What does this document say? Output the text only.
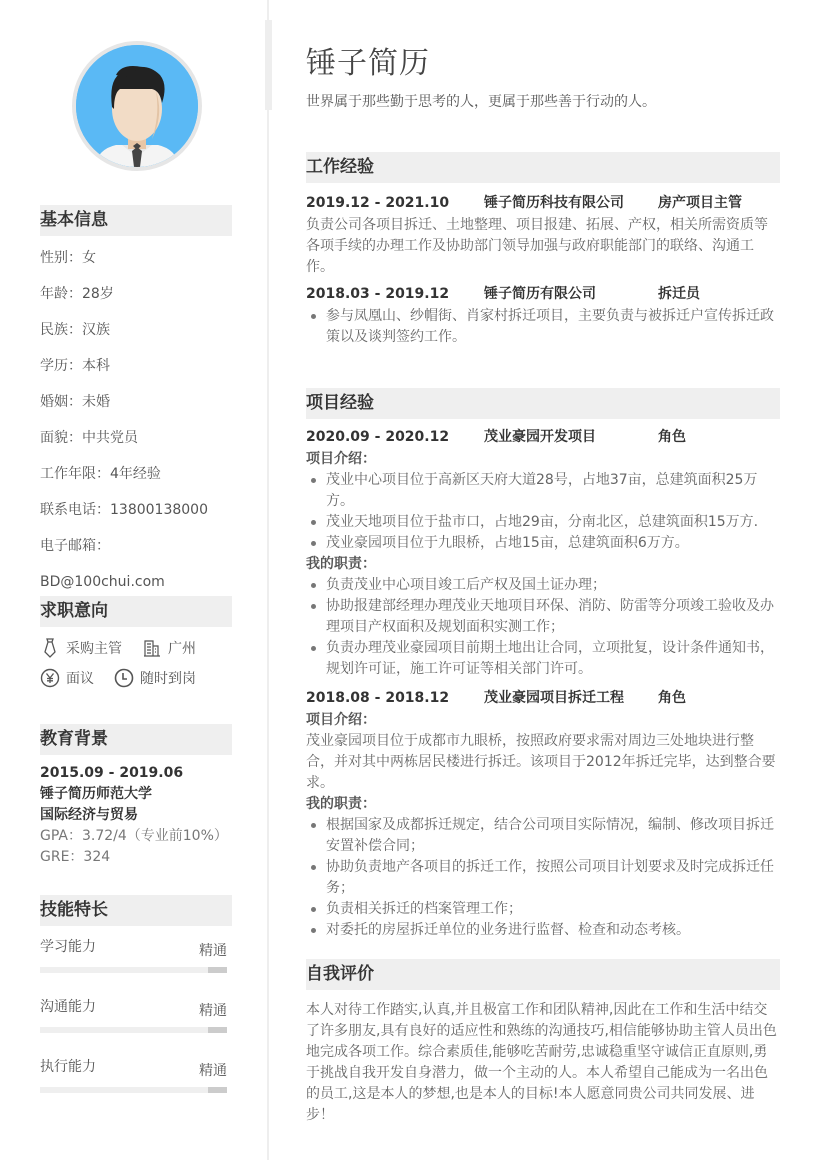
基本信息
性别：女
年龄：28岁
民族：汉族
学历：本科
婚姻：未婚
面貌：中共党员
工作年限：4年经验
联系电话：13800138000
电子邮箱：BD@100chui.com
求职意向
采购主管	广州
面议	随时到岗
教育背景
2015.09 - 2019.06
锤子简历师范大学
国际经济与贸易
GPA：3.72/4（专业前10%）
GRE：324
技能特长
学习能力	精通
沟通能力	精通
执行能力	精通
锤子简历
世界属于那些勤于思考的人，更属于那些善于行动的人。
工作经验
2019.12 - 2021.10	锤子简历科技有限公司	房产项目主管
负责公司各项目拆迁、土地整理、项目报建、拓展、产权，相关所需资质等各项手续的办理工作及协助部门领导加强与政府职能部门的联络、沟通工作。
2018.03 - 2019.12	锤子简历有限公司	拆迁员
参与凤凰山、纱帽街、肖家村拆迁项目，主要负责与被拆迁户宣传拆迁政策以及谈判签约工作。
项目经验
2020.09 - 2020.12	茂业豪园开发项目	角色
项目介绍：
茂业中心项目位于高新区天府大道28号，占地37亩，总建筑面积25万方。
茂业天地项目位于盐市口，占地29亩，分南北区，总建筑面积15万方.
茂业豪园项目位于九眼桥，占地15亩，总建筑面积6万方。
我的职责：
负责茂业中心项目竣工后产权及国土证办理；
协助报建部经理办理茂业天地项目环保、消防、防雷等分项竣工验收及办理项目产权面积及规划面积实测工作；
负责办理茂业豪园项目前期土地出让合同，立项批复，设计条件通知书，规划许可证，施工许可证等相关部门许可。
2018.08 - 2018.12	茂业豪园项目拆迁工程	角色
项目介绍：
茂业豪园项目位于成都市九眼桥，按照政府要求需对周边三处地块进行整合，并对其中两栋居民楼进行拆迁。该项目于2012年拆迁完毕，达到整合要求。
我的职责：
根据国家及成都拆迁规定，结合公司项目实际情况，编制、修改项目拆迁安置补偿合同；
协助负责地产各项目的拆迁工作，按照公司项目计划要求及时完成拆迁任务；
负责相关拆迁的档案管理工作；
对委托的房屋拆迁单位的业务进行监督、检查和动态考核。
自我评价
本人对待工作踏实,认真,并且极富工作和团队精神,因此在工作和生活中结交了许多朋友,具有良好的适应性和熟练的沟通技巧,相信能够协助主管人员出色地完成各项工作。综合素质佳,能够吃苦耐劳,忠诚稳重坚守诚信正直原则,勇于挑战自我开发自身潜力，做一个主动的人。本人希望自己能成为一名出色的员工,这是本人的梦想,也是本人的目标!本人愿意同贵公司共同发展、进步！
